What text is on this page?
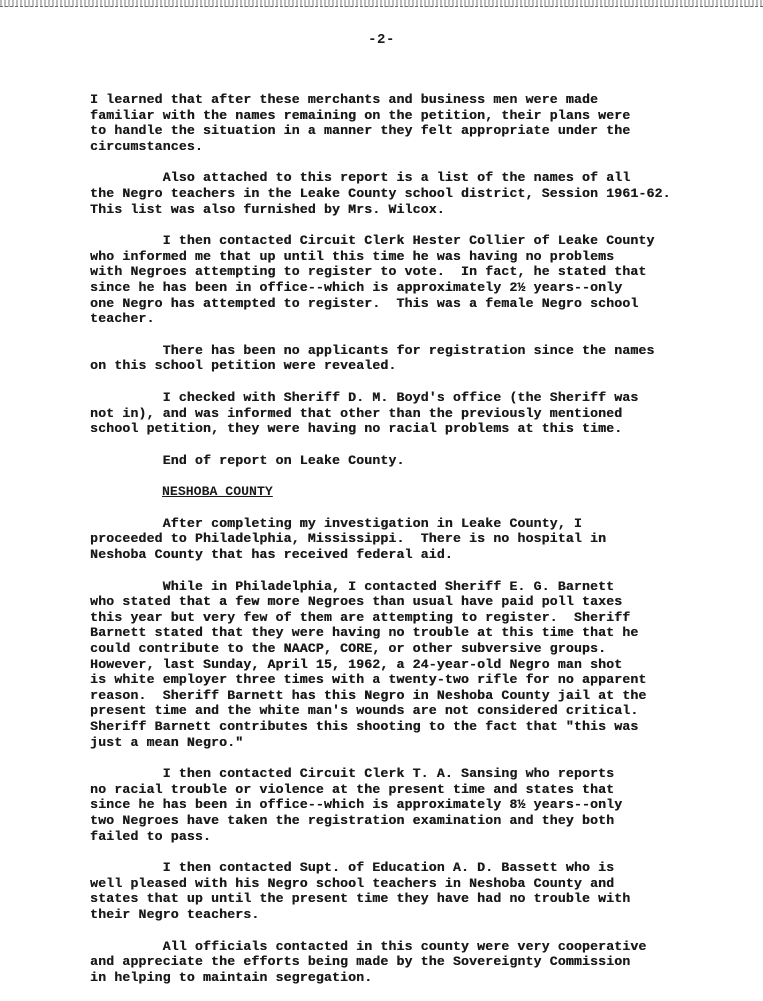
-2-
I learned that after these merchants and business men were made
familiar with the names remaining on the petition, their plans were
to handle the situation in a manner they felt appropriate under the
circumstances.
Also attached to this report is a list of the names of all
the Negro teachers in the Leake County school district, Session 1961-62.
This list was also furnished by Mrs. Wilcox.
I then contacted Circuit Clerk Hester Collier of Leake County
who informed me that up until this time he was having no problems
with Negroes attempting to register to vote.  In fact, he stated that
since he has been in office--which is approximately 2½ years--only
one Negro has attempted to register.  This was a female Negro school
teacher.
There has been no applicants for registration since the names
on this school petition were revealed.
I checked with Sheriff D. M. Boyd's office (the Sheriff was
not in), and was informed that other than the previously mentioned
school petition, they were having no racial problems at this time.
End of report on Leake County.
NESHOBA COUNTY
After completing my investigation in Leake County, I
proceeded to Philadelphia, Mississippi.  There is no hospital in
Neshoba County that has received federal aid.
While in Philadelphia, I contacted Sheriff E. G. Barnett
who stated that a few more Negroes than usual have paid poll taxes
this year but very few of them are attempting to register.  Sheriff
Barnett stated that they were having no trouble at this time that he
could contribute to the NAACP, CORE, or other subversive groups.
However, last Sunday, April 15, 1962, a 24-year-old Negro man shot
is white employer three times with a twenty-two rifle for no apparent
reason.  Sheriff Barnett has this Negro in Neshoba County jail at the
present time and the white man's wounds are not considered critical.
Sheriff Barnett contributes this shooting to the fact that "this was
just a mean Negro."
I then contacted Circuit Clerk T. A. Sansing who reports
no racial trouble or violence at the present time and states that
since he has been in office--which is approximately 8½ years--only
two Negroes have taken the registration examination and they both
failed to pass.
I then contacted Supt. of Education A. D. Bassett who is
well pleased with his Negro school teachers in Neshoba County and
states that up until the present time they have had no trouble with
their Negro teachers.
All officials contacted in this county were very cooperative
and appreciate the efforts being made by the Sovereignty Commission
in helping to maintain segregation.
